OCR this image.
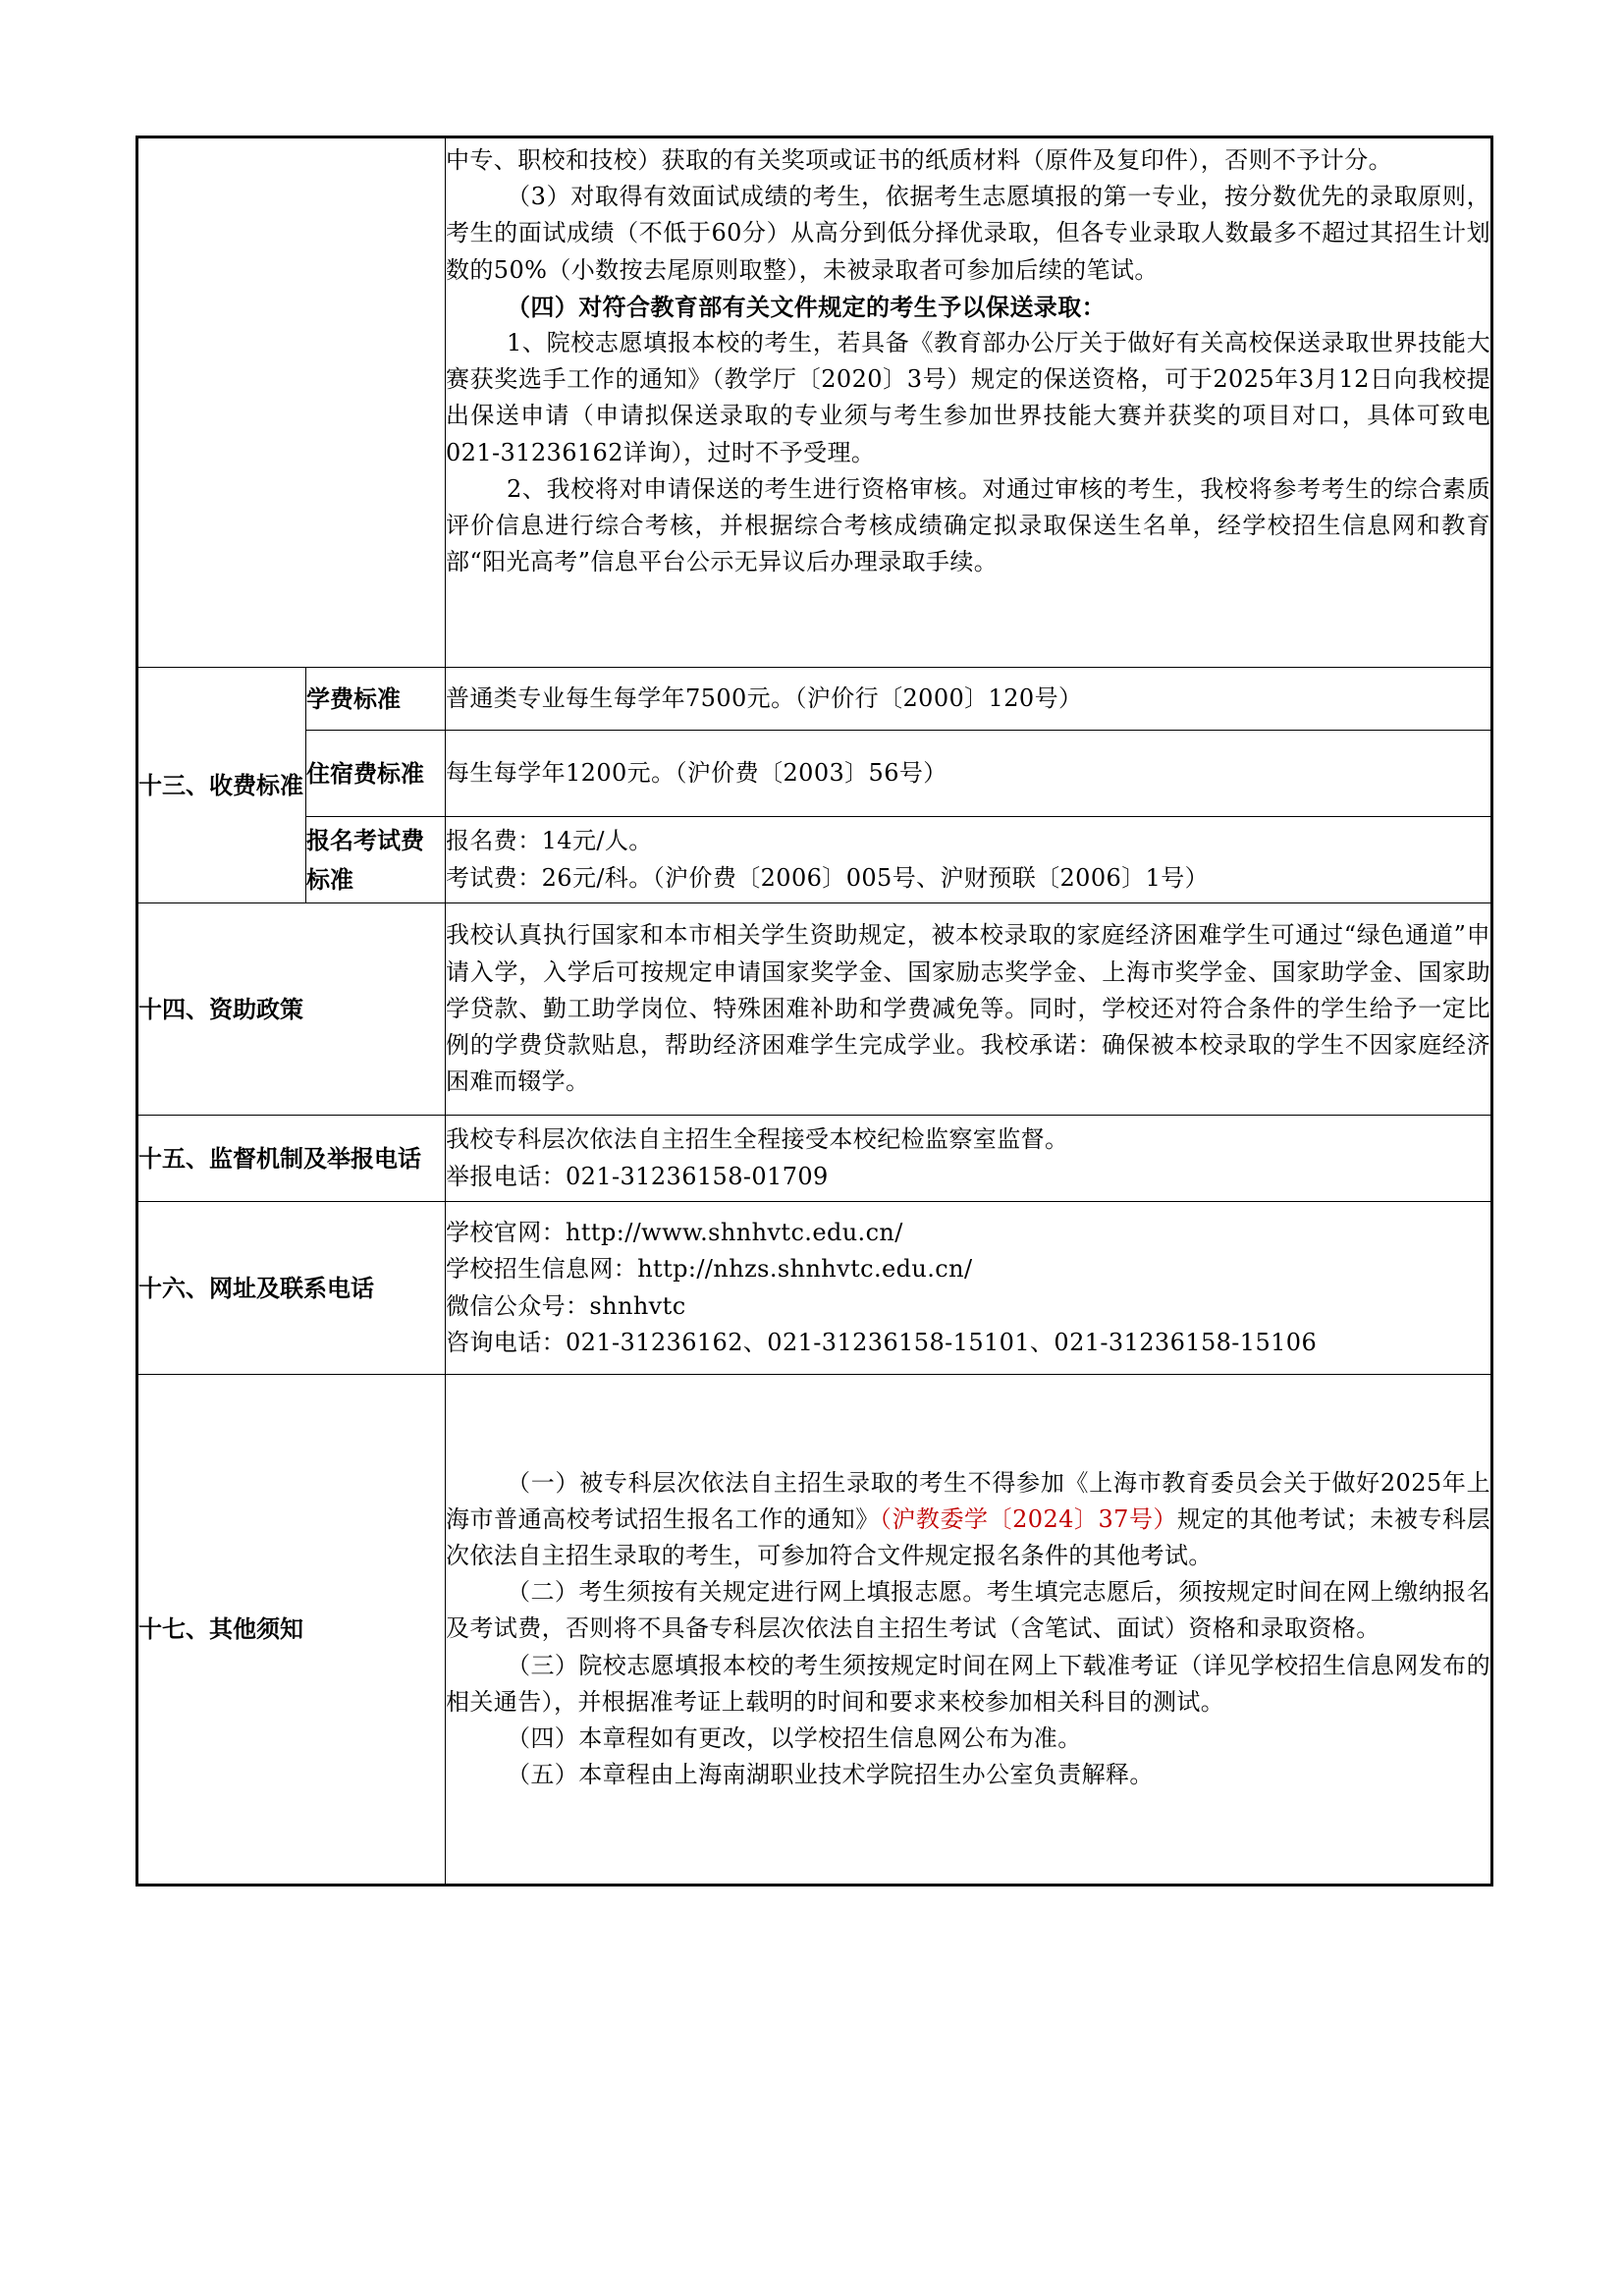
		中专、职校和技校）获取的有关奖项或证书的纸质材料（原件及复印件），否则不予计分。

（3）对取得有效面试成绩的考生，依据考生志愿填报的第一专业，按分数优先的录取原则，考生的面试成绩（不低于60分）从高分到低分择优录取，但各专业录取人数最多不超过其招生计划数的50%（小数按去尾原则取整），未被录取者可参加后续的笔试。

（四）对符合教育部有关文件规定的考生予以保送录取：

1、院校志愿填报本校的考生，若具备《教育部办公厅关于做好有关高校保送录取世界技能大赛获奖选手工作的通知》（教学厅〔2020〕3号）规定的保送资格，可于2025年3月12日向我校提出保送申请（申请拟保送录取的专业须与考生参加世界技能大赛并获奖的项目对口，具体可致电021-31236162详询），过时不予受理。

2、我校将对申请保送的考生进行资格审核。对通过审核的考生，我校将参考考生的综合素质评价信息进行综合考核，并根据综合考核成绩确定拟录取保送生名单，经学校招生信息网和教育部“阳光高考”信息平台公示无异议后办理录取手续。

十三、收费标准	学费标准	普通类专业每生每学年7500元。（沪价行〔2000〕120号）
	住宿费标准	每生每学年1200元。（沪价费〔2003〕56号）
	报名考试费标准	报名费：14元/人。
考试费：26元/科。（沪价费〔2006〕005号、沪财预联〔2006〕1号）

十四、资助政策		我校认真执行国家和本市相关学生资助规定，被本校录取的家庭经济困难学生可通过“绿色通道”申请入学，入学后可按规定申请国家奖学金、国家励志奖学金、上海市奖学金、国家助学金、国家助学贷款、勤工助学岗位、特殊困难补助和学费减免等。同时，学校还对符合条件的学生给予一定比例的学费贷款贴息，帮助经济困难学生完成学业。我校承诺：确保被本校录取的学生不因家庭经济困难而辍学。
十五、监督机制及举报电话		我校专科层次依法自主招生全程接受本校纪检监察室监督。
举报电话：021-31236158-01709

十六、网址及联系电话		学校官网：http://www.shnhvtc.edu.cn/
学校招生信息网：http://nhzs.shnhvtc.edu.cn/
微信公众号：shnhvtc
咨询电话：021-31236162、021-31236158-15101、021-31236158-15106

十七、其他须知		（一）被专科层次依法自主招生录取的考生不得参加《上海市教育委员会关于做好2025年上海市普通高校考试招生报名工作的通知》（沪教委学〔2024〕37号）规定的其他考试；未被专科层次依法自主招生录取的考生，可参加符合文件规定报名条件的其他考试。

（二）考生须按有关规定进行网上填报志愿。考生填完志愿后，须按规定时间在网上缴纳报名及考试费，否则将不具备专科层次依法自主招生考试（含笔试、面试）资格和录取资格。

（三）院校志愿填报本校的考生须按规定时间在网上下载准考证（详见学校招生信息网发布的相关通告），并根据准考证上载明的时间和要求来校参加相关科目的测试。

（四）本章程如有更改，以学校招生信息网公布为准。

（五）本章程由上海南湖职业技术学院招生办公室负责解释。
